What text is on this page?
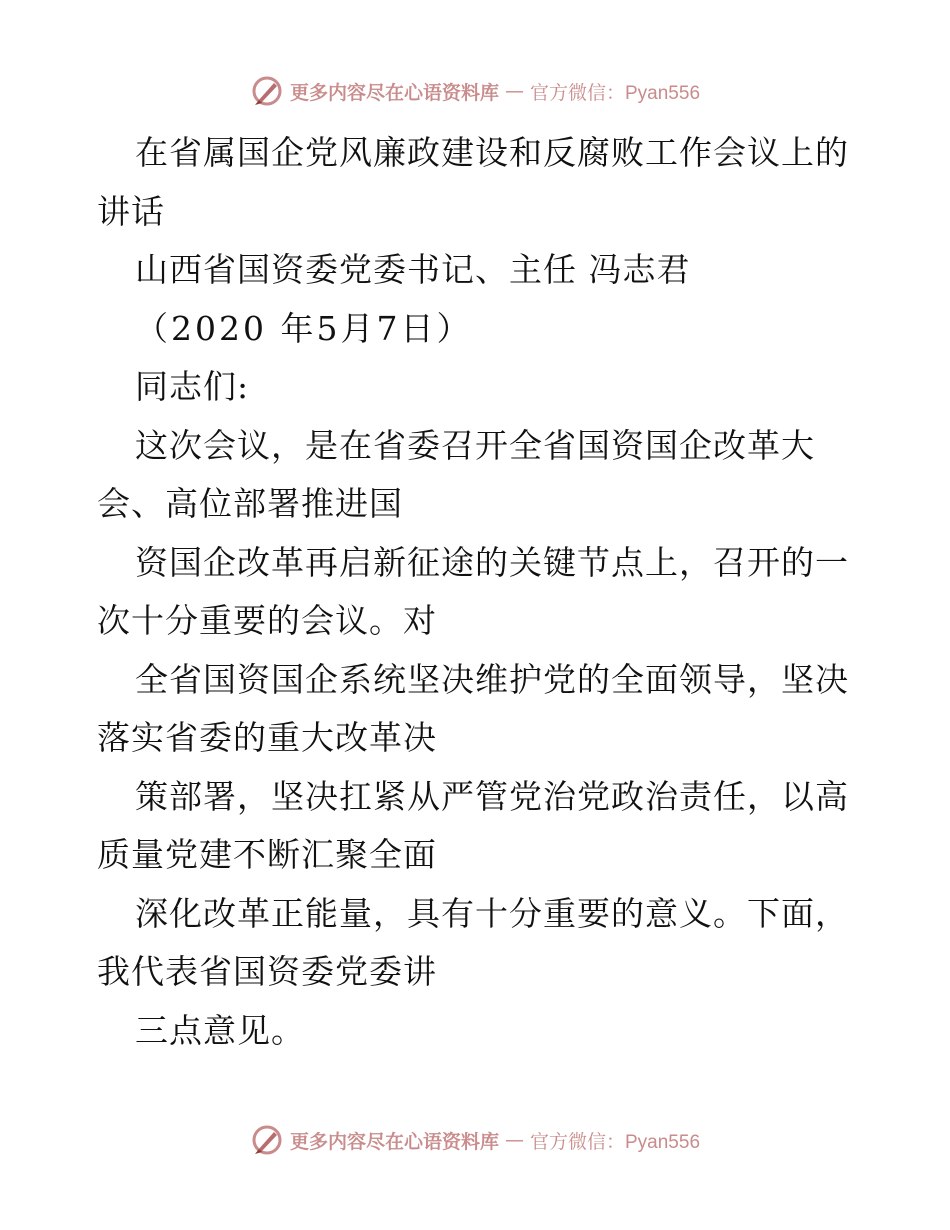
更多内容尽在心语资料库 — 官方微信：Pyan556
在省属国企党风廉政建设和反腐败工作会议上的
讲话
山西省国资委党委书记、主任 冯志君
（2020 年5月7日）
同志们:
这次会议，是在省委召开全省国资国企改革大
会、高位部署推进国
资国企改革再启新征途的关键节点上，召开的一
次十分重要的会议。对
全省国资国企系统坚决维护党的全面领导，坚决
落实省委的重大改革决
策部署，坚决扛紧从严管党治党政治责任，以高
质量党建不断汇聚全面
深化改革正能量，具有十分重要的意义。下面，
我代表省国资委党委讲
三点意见。
更多内容尽在心语资料库 — 官方微信：Pyan556
